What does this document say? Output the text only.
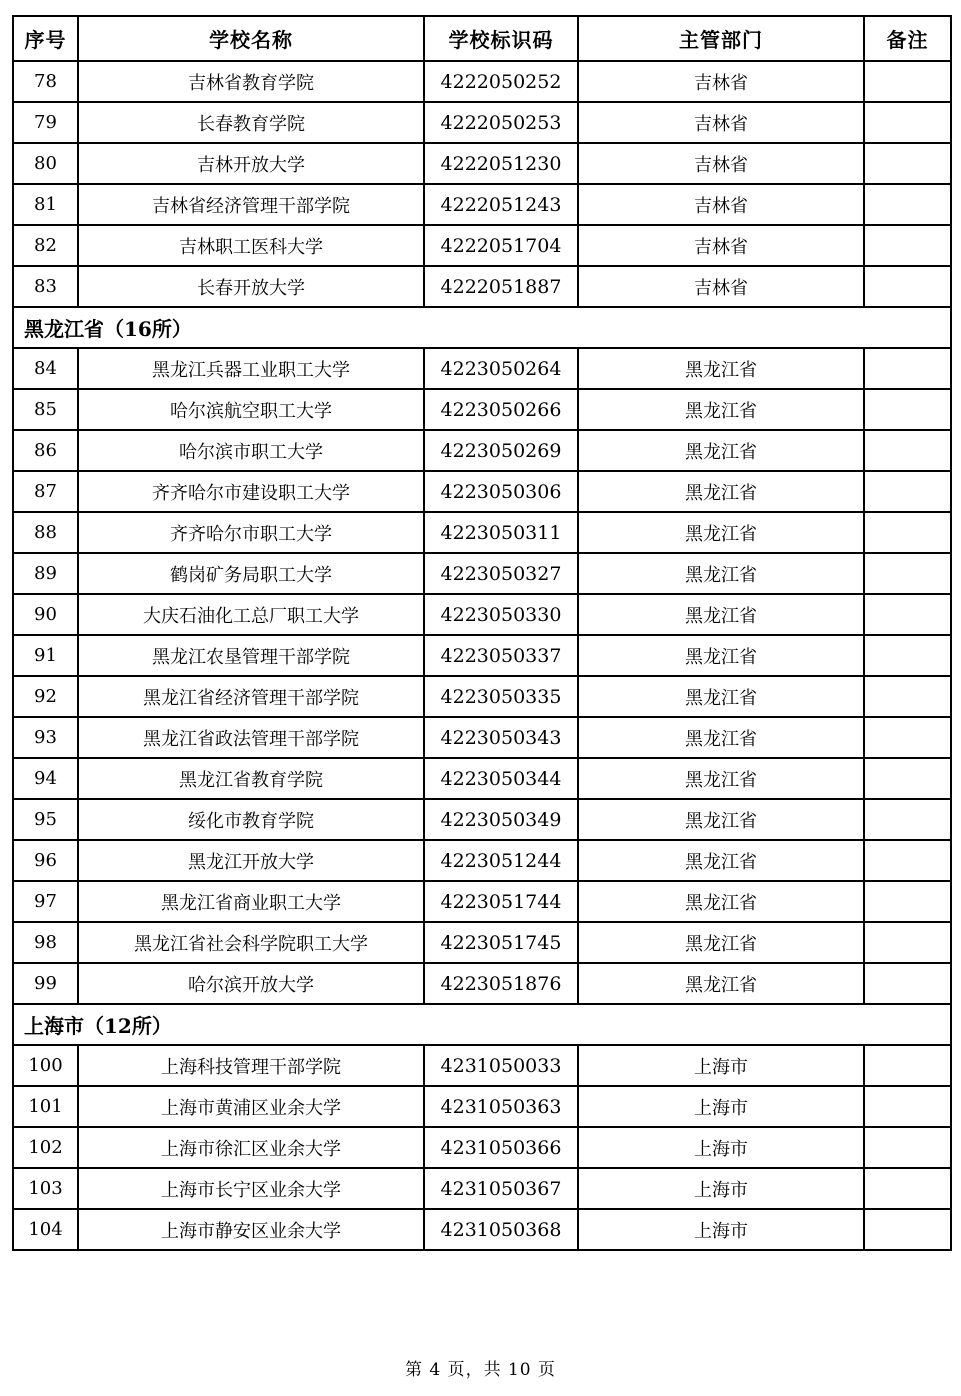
序号	学校名称	学校标识码	主管部门	备注
78	吉林省教育学院	4222050252	吉林省	
79	长春教育学院	4222050253	吉林省	
80	吉林开放大学	4222051230	吉林省	
81	吉林省经济管理干部学院	4222051243	吉林省	
82	吉林职工医科大学	4222051704	吉林省	
83	长春开放大学	4222051887	吉林省	
黑龙江省（16所）				
84	黑龙江兵器工业职工大学	4223050264	黑龙江省	
85	哈尔滨航空职工大学	4223050266	黑龙江省	
86	哈尔滨市职工大学	4223050269	黑龙江省	
87	齐齐哈尔市建设职工大学	4223050306	黑龙江省	
88	齐齐哈尔市职工大学	4223050311	黑龙江省	
89	鹤岗矿务局职工大学	4223050327	黑龙江省	
90	大庆石油化工总厂职工大学	4223050330	黑龙江省	
91	黑龙江农垦管理干部学院	4223050337	黑龙江省	
92	黑龙江省经济管理干部学院	4223050335	黑龙江省	
93	黑龙江省政法管理干部学院	4223050343	黑龙江省	
94	黑龙江省教育学院	4223050344	黑龙江省	
95	绥化市教育学院	4223050349	黑龙江省	
96	黑龙江开放大学	4223051244	黑龙江省	
97	黑龙江省商业职工大学	4223051744	黑龙江省	
98	黑龙江省社会科学院职工大学	4223051745	黑龙江省	
99	哈尔滨开放大学	4223051876	黑龙江省	
上海市（12所）				
100	上海科技管理干部学院	4231050033	上海市	
101	上海市黄浦区业余大学	4231050363	上海市	
102	上海市徐汇区业余大学	4231050366	上海市	
103	上海市长宁区业余大学	4231050367	上海市	
104	上海市静安区业余大学	4231050368	上海市	
第 4 页，共 10 页
